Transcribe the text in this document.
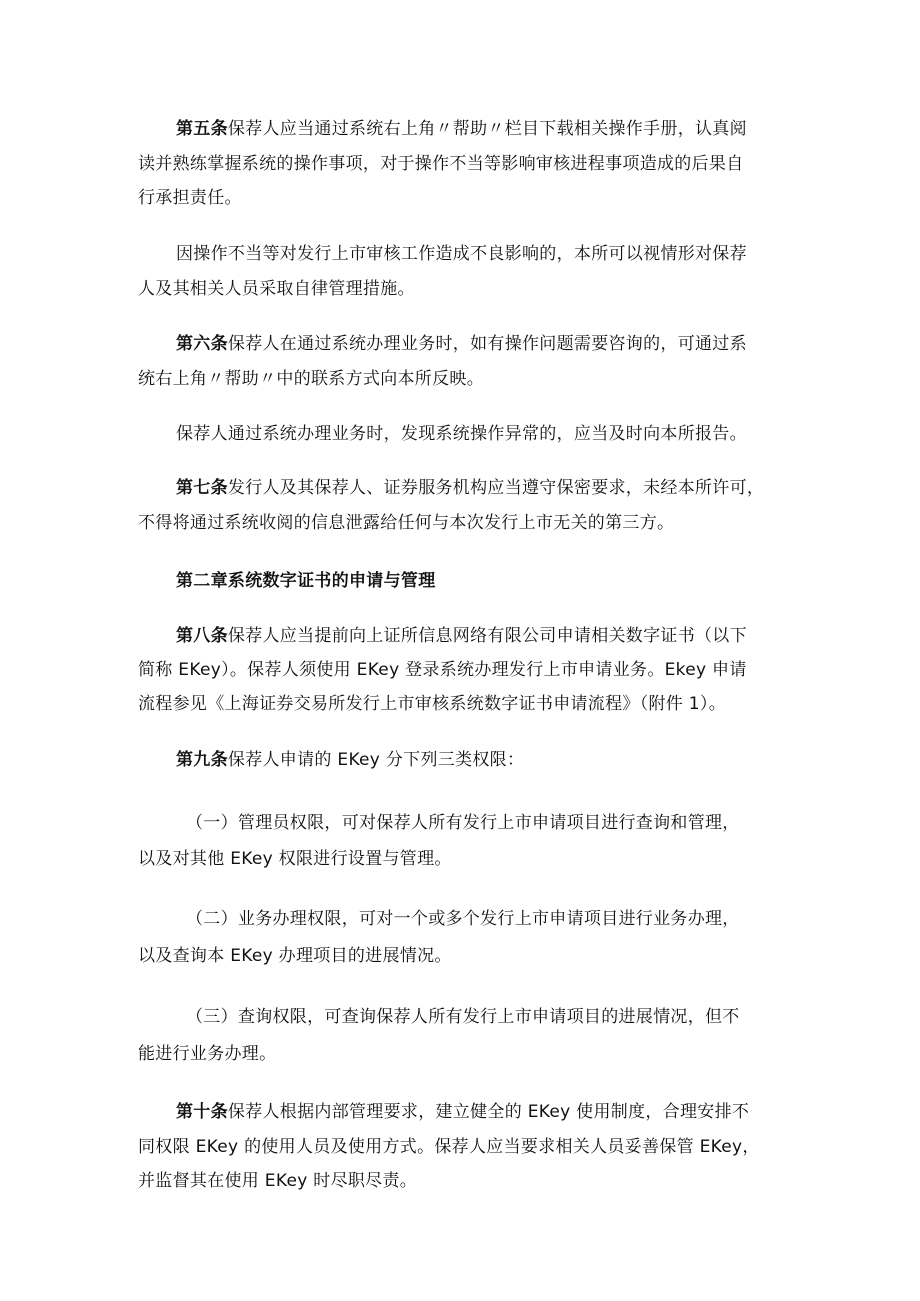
第五条保荐人应当通过系统右上角〃帮助〃栏目下载相关操作手册，认真阅
读并熟练掌握系统的操作事项，对于操作不当等影响审核进程事项造成的后果自
行承担责任。
因操作不当等对发行上市审核工作造成不良影响的，本所可以视情形对保荐
人及其相关人员采取自律管理措施。
第六条保荐人在通过系统办理业务时，如有操作问题需要咨询的，可通过系
统右上角〃帮助〃中的联系方式向本所反映。
保荐人通过系统办理业务时，发现系统操作异常的，应当及时向本所报告。
第七条发行人及其保荐人、证券服务机构应当遵守保密要求，未经本所许可，
不得将通过系统收阅的信息泄露给任何与本次发行上市无关的第三方。
第二章系统数字证书的申请与管理
第八条保荐人应当提前向上证所信息网络有限公司申请相关数字证书（以下
简称 EKey）。保荐人须使用 EKey 登录系统办理发行上市申请业务。Ekey 申请
流程参见《上海证券交易所发行上市审核系统数字证书申请流程》（附件 1）。
第九条保荐人申请的 EKey 分下列三类权限：
（一）管理员权限，可对保荐人所有发行上市申请项目进行查询和管理，
以及对其他 EKey 权限进行设置与管理。
（二）业务办理权限，可对一个或多个发行上市申请项目进行业务办理，
以及查询本 EKey 办理项目的进展情况。
（三）查询权限，可查询保荐人所有发行上市申请项目的进展情况，但不
能进行业务办理。
第十条保荐人根据内部管理要求，建立健全的 EKey 使用制度，合理安排不
同权限 EKey 的使用人员及使用方式。保荐人应当要求相关人员妥善保管 EKey，
并监督其在使用 EKey 时尽职尽责。
